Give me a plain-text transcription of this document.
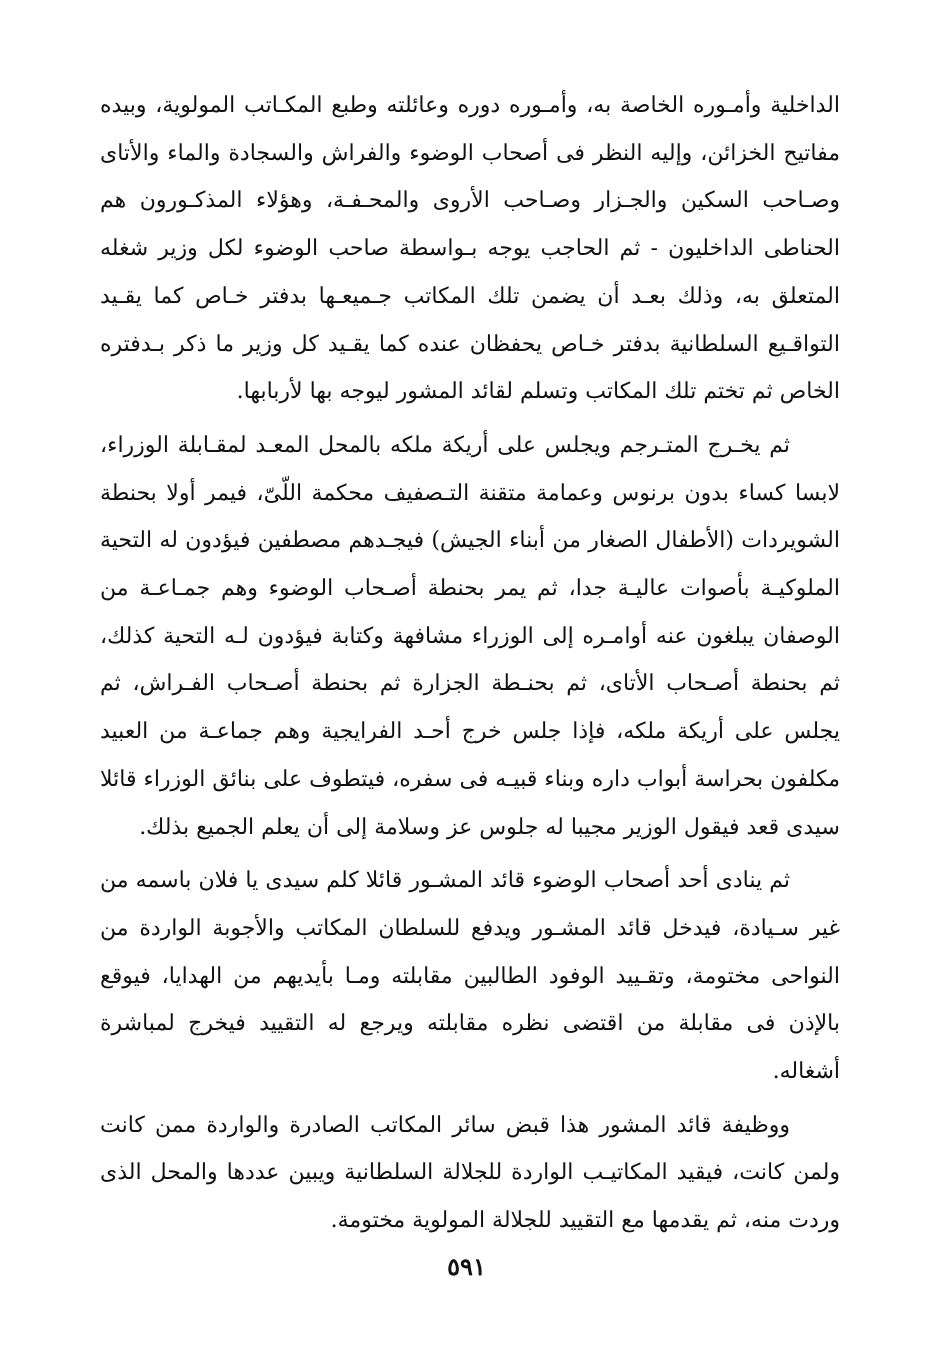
الداخلية وأمـوره الخاصة به، وأمـوره دوره وعائلته وطبع المكـاتب المولوية، وبيده مفاتيح الخزائن، وإليه النظر فى أصحاب الوضوء والفراش والسجادة والماء والأتاى وصـاحب السكين والجـزار وصـاحب الأروى والمحـفـة، وهؤلاء المذكـورون هم الحناطى الداخليون - ثم الحاجب يوجه بـواسطة صاحب الوضوء لكل وزير شغله المتعلق به، وذلك بعـد أن يضمن تلك المكاتب جـميعـها بدفتر خـاص كما يقـيد التواقـيع السلطانية بدفتر خـاص يحفظان عنده كما يقـيد كل وزير ما ذكر بـدفتره الخاص ثم تختم تلك المكاتب وتسلم لقائد المشور ليوجه بها لأربابها.

ثم يخـرج المتـرجم ويجلس على أريكة ملكه بالمحل المعـد لمقـابلة الوزراء، لابسا كساء بدون برنوس وعمامة متقنة التـصفيف محكمة اللّىّ، فيمر أولا بحنطة الشويردات (الأطفال الصغار من أبناء الجيش) فيجـدهم مصطفين فيؤدون له التحية الملوكيـة بأصوات عاليـة جدا، ثم يمر بحنطة أصـحاب الوضوء وهم جمـاعـة من الوصفان يبلغون عنه أوامـره إلى الوزراء مشافهة وكتابة فيؤدون لـه التحية كذلك، ثم بحنطة أصـحاب الأتاى، ثم بحنـطة الجزارة ثم بحنطة أصـحاب الفـراش، ثم يجلس على أريكة ملكه، فإذا جلس خرج أحـد الفرايجية وهم جماعـة من العبيد مكلفون بحراسة أبواب داره وبناء قبيـه فى سفره، فيتطوف على بنائق الوزراء قائلا سيدى قعد فيقول الوزير مجيبا له جلوس عز وسلامة إلى أن يعلم الجميع بذلك.

ثم ينادى أحد أصحاب الوضوء قائد المشـور قائلا كلم سيدى يا فلان باسمه من غير سـيادة، فيدخل قائد المشـور ويدفع للسلطان المكاتب والأجوبة الواردة من النواحى مختومة، وتقـييد الوفود الطالبين مقابلته ومـا بأيديهم من الهدايا، فيوقع بالإذن فى مقابلة من اقتضى نظره مقابلته ويرجع له التقييد فيخرج لمباشرة أشغاله.

ووظيفة قائد المشور هذا قبض سائر المكاتب الصادرة والواردة ممن كانت ولمن كانت، فيقيد المكاتيـب الواردة للجلالة السلطانية ويبين عددها والمحل الذى وردت منه، ثم يقدمها مع التقييد للجلالة المولوية مختومة.

٥٩١
